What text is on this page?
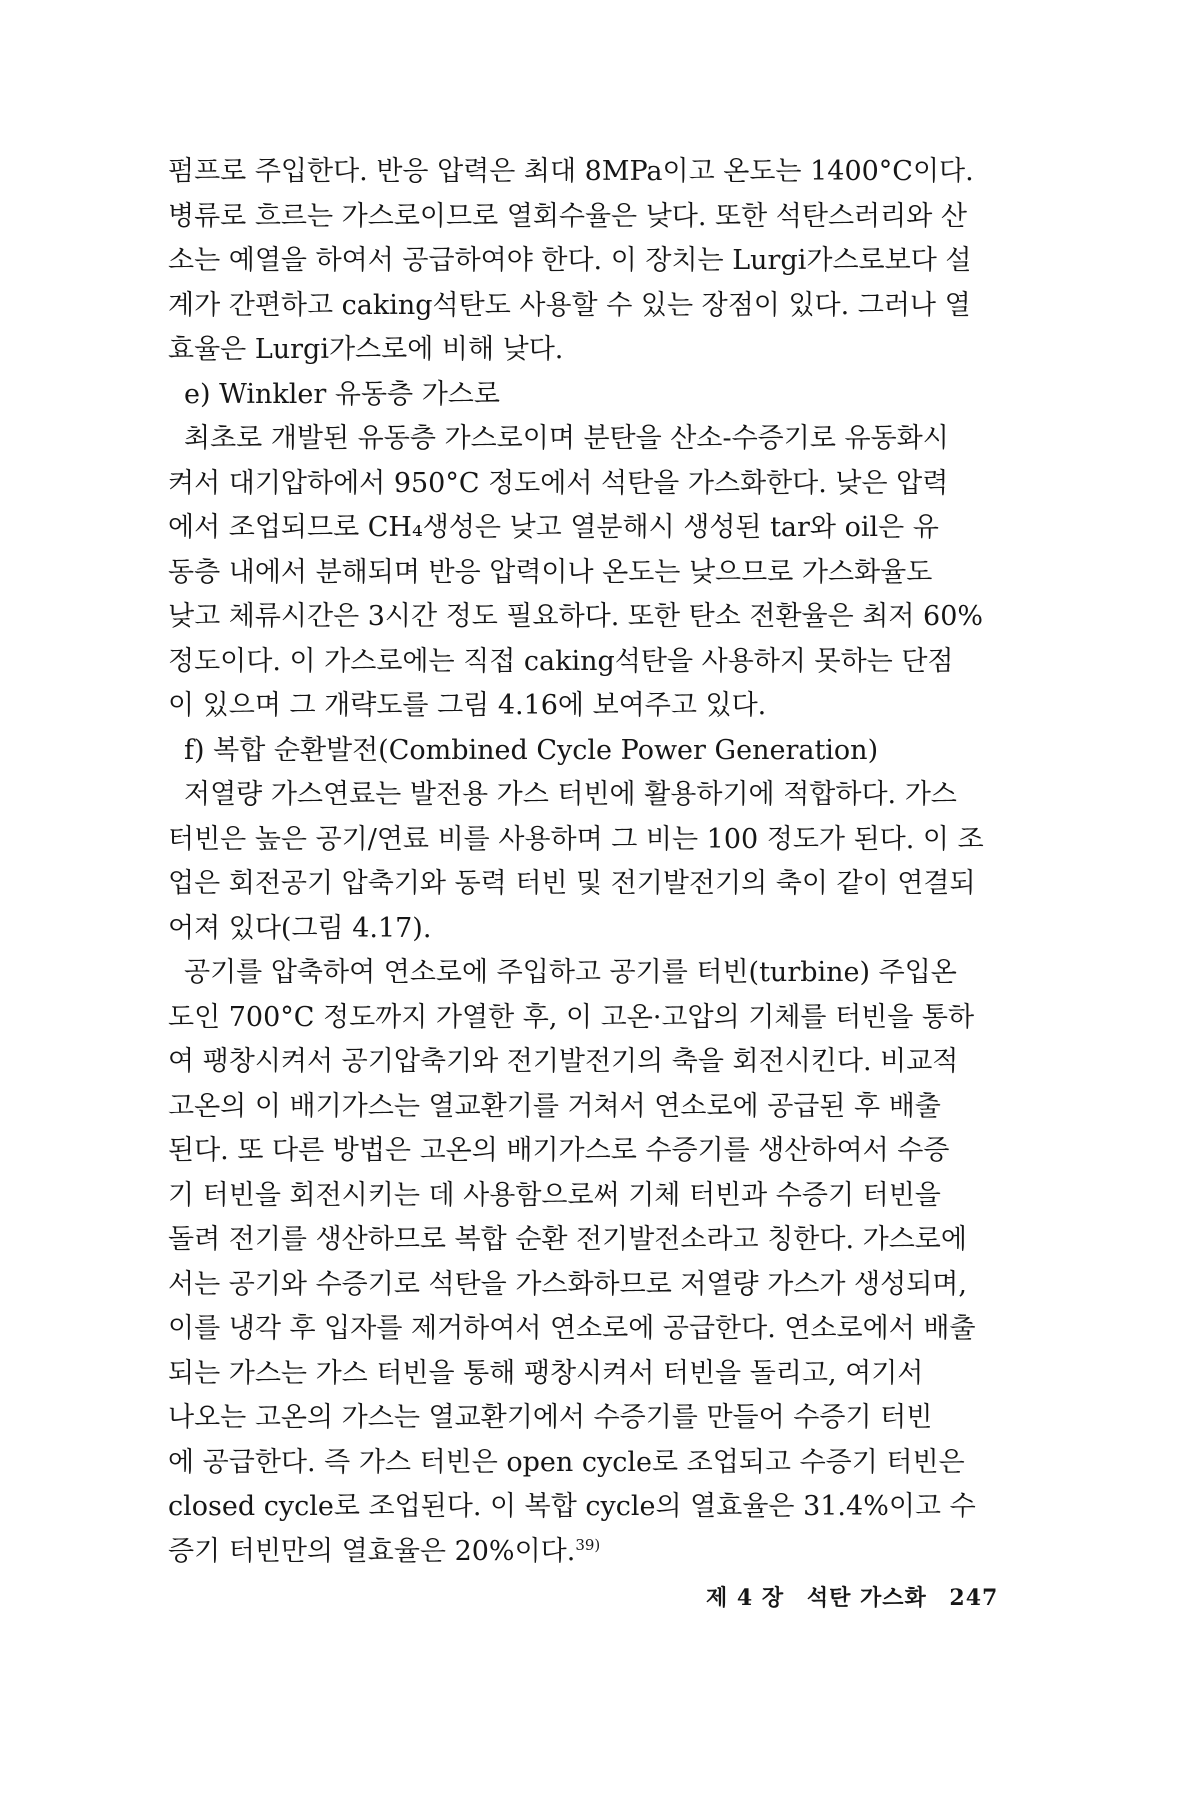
펌프로 주입한다. 반응 압력은 최대 8MPa이고 온도는 1400°C이다.
병류로 흐르는 가스로이므로 열회수율은 낮다. 또한 석탄스러리와 산
소는 예열을 하여서 공급하여야 한다. 이 장치는 Lurgi가스로보다 설
계가 간편하고 caking석탄도 사용할 수 있는 장점이 있다. 그러나 열
효율은 Lurgi가스로에 비해 낮다.
e) Winkler 유동층 가스로
최초로 개발된 유동층 가스로이며 분탄을 산소-수증기로 유동화시
켜서 대기압하에서 950°C 정도에서 석탄을 가스화한다. 낮은 압력
에서 조업되므로 CH₄생성은 낮고 열분해시 생성된 tar와 oil은 유
동층 내에서 분해되며 반응 압력이나 온도는 낮으므로 가스화율도
낮고 체류시간은 3시간 정도 필요하다. 또한 탄소 전환율은 최저 60%
정도이다. 이 가스로에는 직접 caking석탄을 사용하지 못하는 단점
이 있으며 그 개략도를 그림 4.16에 보여주고 있다.
f) 복합 순환발전(Combined Cycle Power Generation)
저열량 가스연료는 발전용 가스 터빈에 활용하기에 적합하다. 가스
터빈은 높은 공기/연료 비를 사용하며 그 비는 100 정도가 된다. 이 조
업은 회전공기 압축기와 동력 터빈 및 전기발전기의 축이 같이 연결되
어져 있다(그림 4.17).
공기를 압축하여 연소로에 주입하고 공기를 터빈(turbine) 주입온
도인 700°C 정도까지 가열한 후, 이 고온·고압의 기체를 터빈을 통하
여 팽창시켜서 공기압축기와 전기발전기의 축을 회전시킨다. 비교적
고온의 이 배기가스는 열교환기를 거쳐서 연소로에 공급된 후 배출
된다. 또 다른 방법은 고온의 배기가스로 수증기를 생산하여서 수증
기 터빈을 회전시키는 데 사용함으로써 기체 터빈과 수증기 터빈을
돌려 전기를 생산하므로 복합 순환 전기발전소라고 칭한다. 가스로에
서는 공기와 수증기로 석탄을 가스화하므로 저열량 가스가 생성되며,
이를 냉각 후 입자를 제거하여서 연소로에 공급한다. 연소로에서 배출
되는 가스는 가스 터빈을 통해 팽창시켜서 터빈을 돌리고, 여기서
나오는 고온의 가스는 열교환기에서 수증기를 만들어 수증기 터빈
에 공급한다. 즉 가스 터빈은 open cycle로 조업되고 수증기 터빈은
closed cycle로 조업된다. 이 복합 cycle의 열효율은 31.4%이고 수
증기 터빈만의 열효율은 20%이다.$^{39)}$
제 4 장 석탄 가스화 247
